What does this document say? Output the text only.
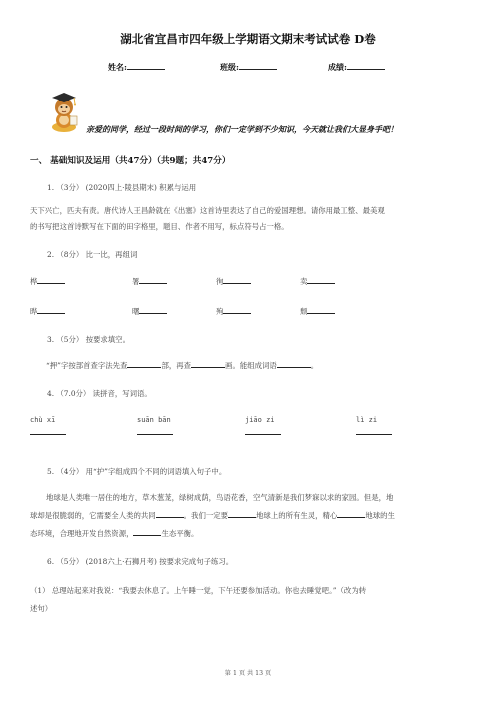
湖北省宜昌市四年级上学期语文期末考试试卷 D卷
姓名:	班级:	成绩:
亲爱的同学，经过一段时间的学习，你们一定学到不少知识，今天就让我们大显身手吧！
一、 基础知识及运用（共47分）（共9题；共47分）
1. （3分） (2020四上·陵县期末) 积累与运用
天下兴亡，匹夫有责。唐代诗人王昌龄就在《出塞》这首诗里表达了自己的爱国理想。请你用最工整、最美观
的书写把这首诗默写在下面的田字格里，题目、作者不用写，标点符号占一格。
2. （8分） 比一比，再组词
桦	署	徇	卖
晔	曙	殉	颓
3. （5分） 按要求填空。
“押”字按部首查字法先查	部，再查	画。能组成词语	。
4. （7.0分） 读拼音，写词语。
chù xī	suān bān	jiāo zi	lì zi
5. （4分） 用“护”字组成四个不同的词语填入句子中。
地球是人类唯一居住的地方，草木葱茏，绿树成荫，鸟语花香，空气清新是我们梦寐以求的家园。但是，地
球却是很脆弱的，它需要全人类的共同	。我们一定要	地球上的所有生灵，精心	地球的生
态环境，合理地开发自然资源，	生态平衡。
6. （5分） (2018六上·石狮月考) 按要求完成句子练习。
（1） 总理站起来对我说：“我要去休息了。上午睡一觉，下午还要参加活动。你也去睡觉吧。”（改为转
述句）
第 1 页 共 13 页
